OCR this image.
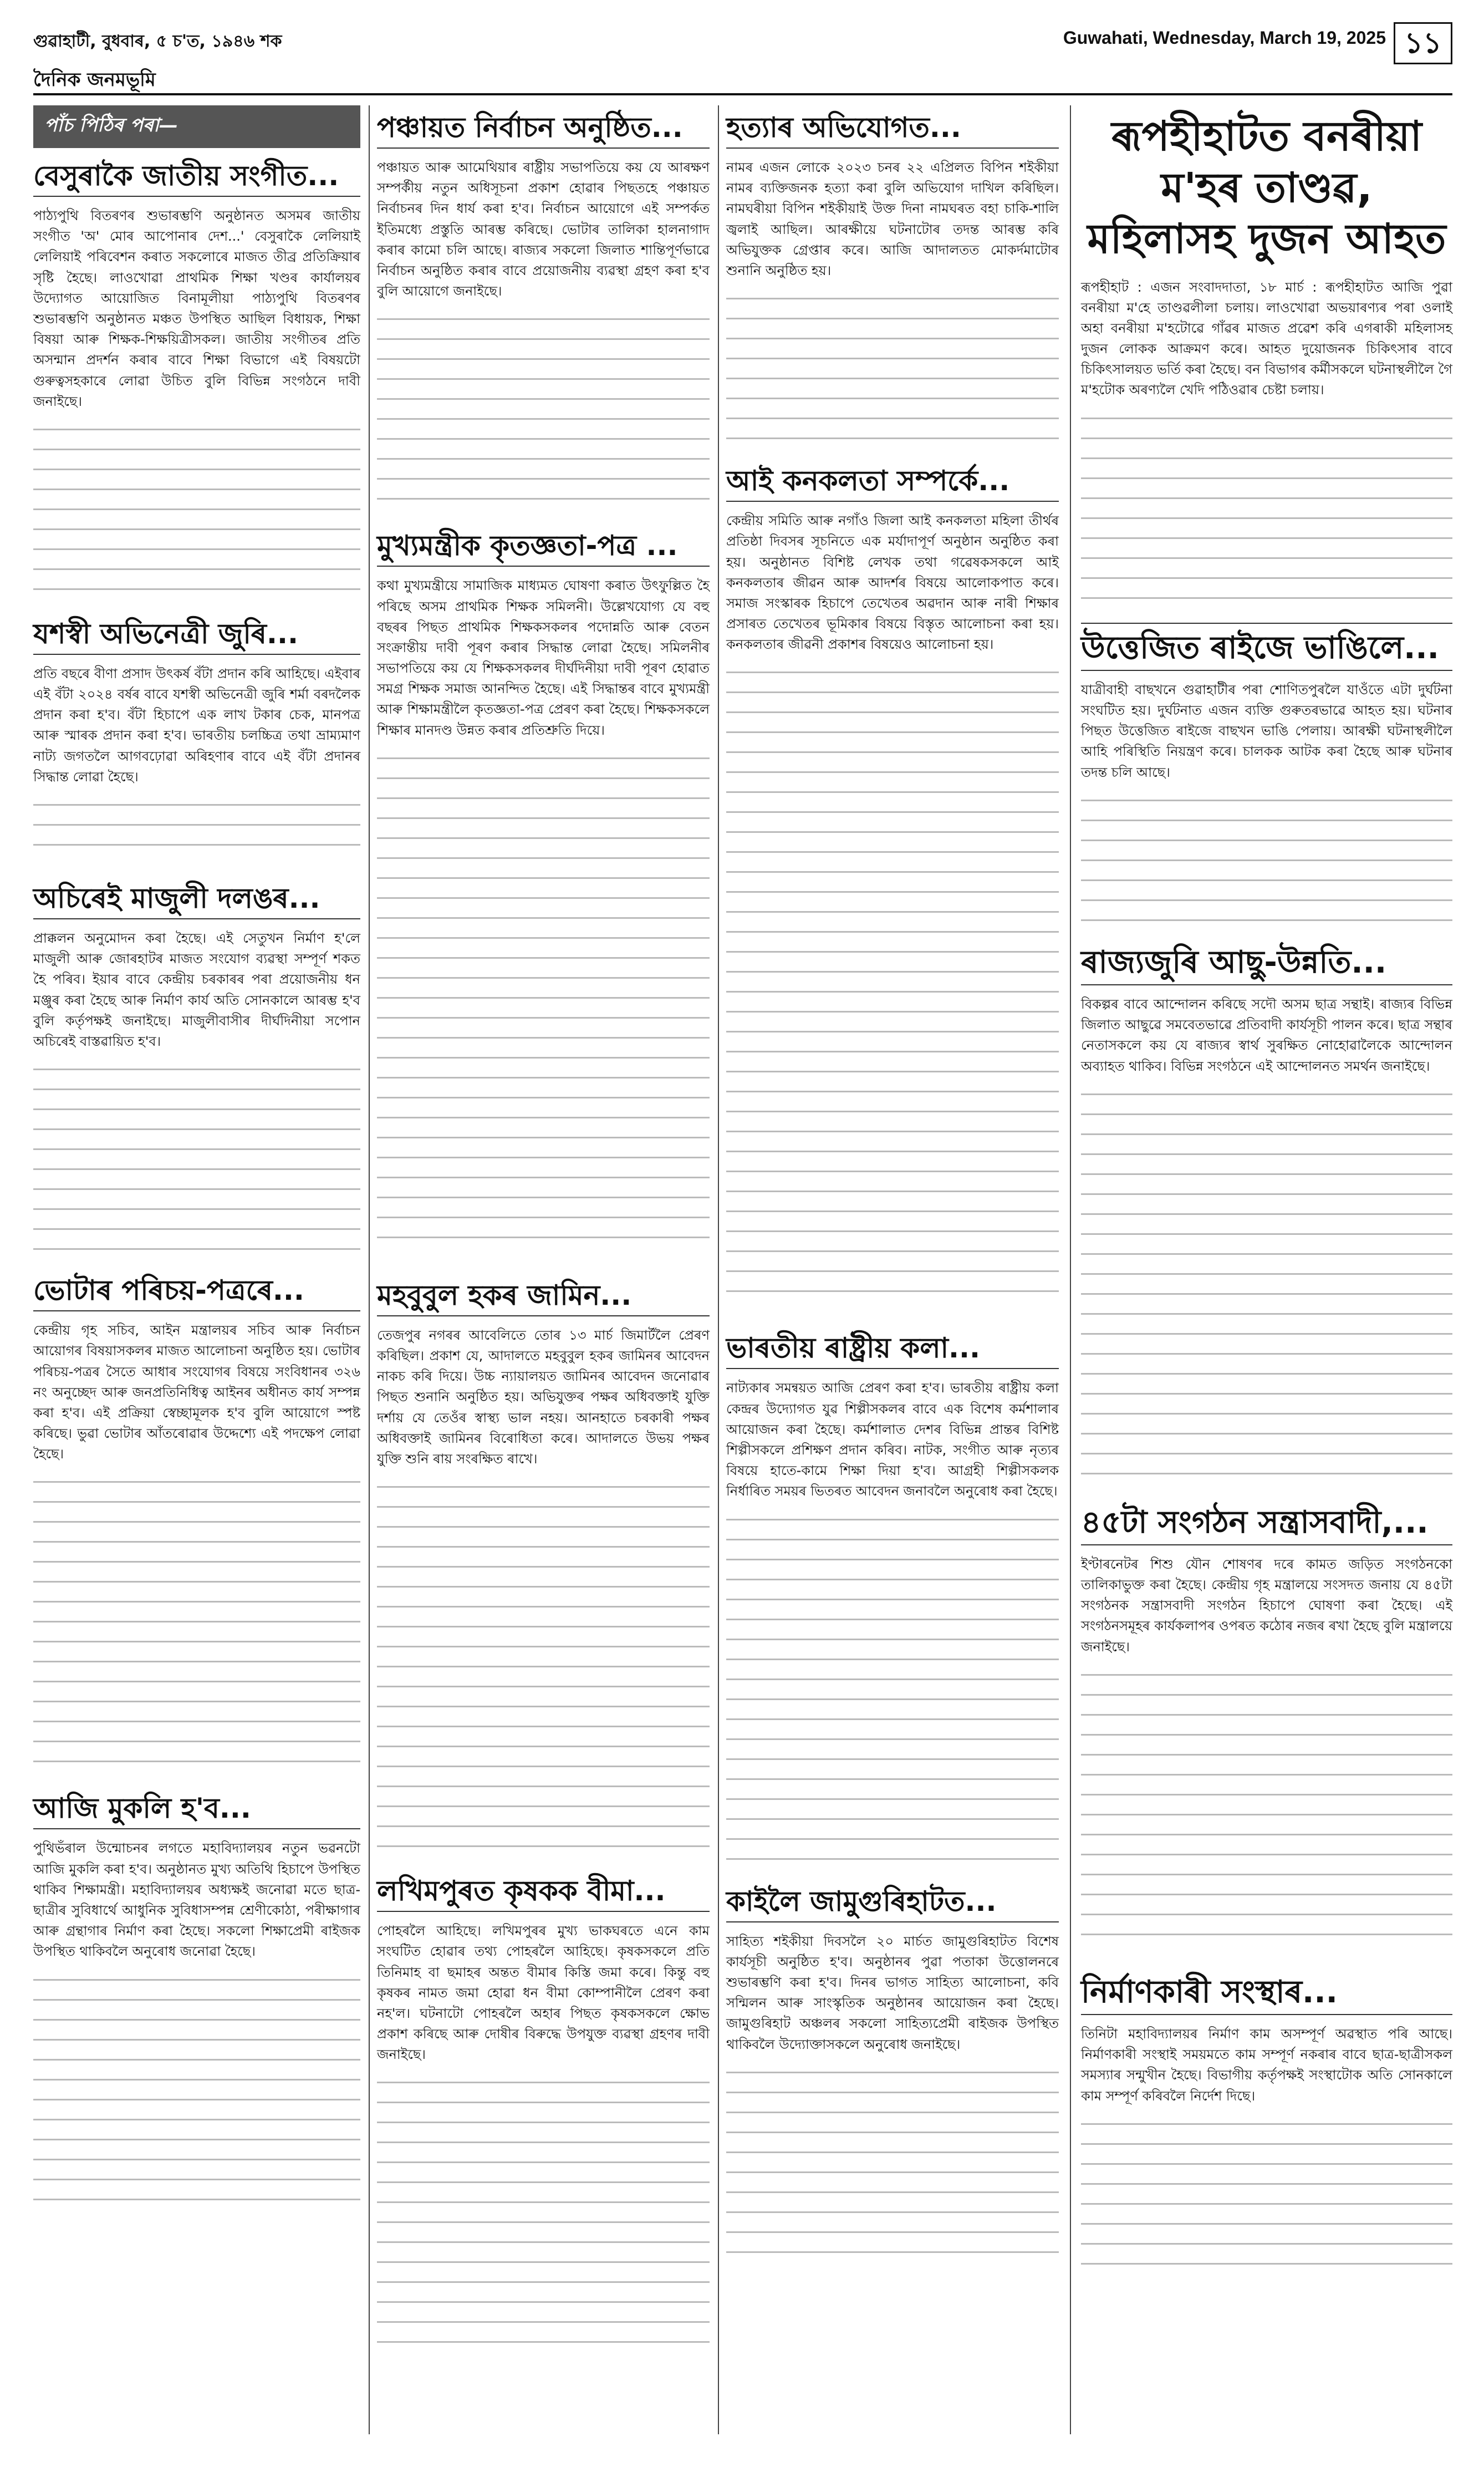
গুৱাহাটী, বুধবাৰ, ৫ চ'ত, ১৯৪৬ শক	Guwahati, Wednesday, March 19, 2025 ১১
দৈনিক জনমভূমি
পাঁচ পিঠিৰ পৰা—
বেসুৰাকৈ জাতীয় সংগীত...
পাঠ্যপুথি বিতৰণৰ শুভাৰম্ভণি অনুষ্ঠানত অসমৰ জাতীয় সংগীত 'অ' মোৰ আপোনাৰ দেশ...' বেসুৰাকৈ লেলিয়াই লেলিয়াই পৰিবেশন কৰাত সকলোৰে মাজত তীব্ৰ প্ৰতিক্ৰিয়াৰ সৃষ্টি হৈছে। লাওখোৱা প্ৰাথমিক শিক্ষা খণ্ডৰ কাৰ্যালয়ৰ উদ্যোগত আয়োজিত বিনামূলীয়া পাঠ্যপুথি বিতৰণৰ শুভাৰম্ভণি অনুষ্ঠানত মঞ্চত উপস্থিত আছিল বিধায়ক, শিক্ষা বিষয়া আৰু শিক্ষক-শিক্ষয়িত্ৰীসকল। জাতীয় সংগীতৰ প্ৰতি অসন্মান প্ৰদৰ্শন কৰাৰ বাবে শিক্ষা বিভাগে এই বিষয়টো গুৰুত্বসহকাৰে লোৱা উচিত বুলি বিভিন্ন সংগঠনে দাবী জনাইছে।
যশস্বী অভিনেত্ৰী জুৰি...
প্ৰতি বছৰে বীণা প্ৰসাদ উৎকৰ্ষ বঁটা প্ৰদান কৰি আহিছে। এইবাৰ এই বঁটা ২০২৪ বৰ্ষৰ বাবে যশস্বী অভিনেত্ৰী জুৰি শৰ্মা বৰদলৈক প্ৰদান কৰা হ'ব। বঁটা হিচাপে এক লাখ টকাৰ চেক, মানপত্ৰ আৰু স্মাৰক প্ৰদান কৰা হ'ব। ভাৰতীয় চলচ্চিত্ৰ তথা ভ্ৰাম্যমাণ নাট্য জগতলৈ আগবঢ়োৱা অৰিহণাৰ বাবে এই বঁটা প্ৰদানৰ সিদ্ধান্ত লোৱা হৈছে।
অচিৰেই মাজুলী দলঙৰ...
প্ৰাক্কলন অনুমোদন কৰা হৈছে। এই সেতুখন নিৰ্মাণ হ'লে মাজুলী আৰু জোৰহাটৰ মাজত সংযোগ ব্যৱস্থা সম্পূৰ্ণ শকত হৈ পৰিব। ইয়াৰ বাবে কেন্দ্ৰীয় চৰকাৰৰ পৰা প্ৰয়োজনীয় ধন মঞ্জুৰ কৰা হৈছে আৰু নিৰ্মাণ কাৰ্য অতি সোনকালে আৰম্ভ হ'ব বুলি কৰ্তৃপক্ষই জনাইছে। মাজুলীবাসীৰ দীৰ্ঘদিনীয়া সপোন অচিৰেই বাস্তৱায়িত হ'ব।
ভোটাৰ পৰিচয়-পত্ৰৰে...
কেন্দ্ৰীয় গৃহ সচিব, আইন মন্ত্ৰালয়ৰ সচিব আৰু নিৰ্বাচন আয়োগৰ বিষয়াসকলৰ মাজত আলোচনা অনুষ্ঠিত হয়। ভোটাৰ পৰিচয়-পত্ৰৰ সৈতে আধাৰ সংযোগৰ বিষয়ে সংবিধানৰ ৩২৬ নং অনুচ্ছেদ আৰু জনপ্ৰতিনিধিত্ব আইনৰ অধীনত কাৰ্য সম্পন্ন কৰা হ'ব। এই প্ৰক্ৰিয়া স্বেচ্ছামূলক হ'ব বুলি আয়োগে স্পষ্ট কৰিছে। ভুৱা ভোটাৰ আঁতৰোৱাৰ উদ্দেশ্যে এই পদক্ষেপ লোৱা হৈছে।
আজি মুকলি হ'ব...
পুথিভঁৰাল উন্মোচনৰ লগতে মহাবিদ্যালয়ৰ নতুন ভৱনটো আজি মুকলি কৰা হ'ব। অনুষ্ঠানত মুখ্য অতিথি হিচাপে উপস্থিত থাকিব শিক্ষামন্ত্ৰী। মহাবিদ্যালয়ৰ অধ্যক্ষই জনোৱা মতে ছাত্ৰ-ছাত্ৰীৰ সুবিধাৰ্থে আধুনিক সুবিধাসম্পন্ন শ্ৰেণীকোঠা, পৰীক্ষাগাৰ আৰু গ্ৰন্থাগাৰ নিৰ্মাণ কৰা হৈছে। সকলো শিক্ষাপ্ৰেমী ৰাইজক উপস্থিত থাকিবলৈ অনুৰোধ জনোৱা হৈছে।
পঞ্চায়ত নিৰ্বাচন অনুষ্ঠিত...
পঞ্চায়ত আৰু আমেথিয়াৰ ৰাষ্ট্ৰীয় সভাপতিয়ে কয় যে আৰক্ষণ সম্পৰ্কীয় নতুন অধিসূচনা প্ৰকাশ হোৱাৰ পিছতহে পঞ্চায়ত নিৰ্বাচনৰ দিন ধাৰ্য কৰা হ'ব। নিৰ্বাচন আয়োগে এই সম্পৰ্কত ইতিমধ্যে প্ৰস্তুতি আৰম্ভ কৰিছে। ভোটাৰ তালিকা হালনাগাদ কৰাৰ কামো চলি আছে। ৰাজ্যৰ সকলো জিলাত শান্তিপূৰ্ণভাৱে নিৰ্বাচন অনুষ্ঠিত কৰাৰ বাবে প্ৰয়োজনীয় ব্যৱস্থা গ্ৰহণ কৰা হ'ব বুলি আয়োগে জনাইছে।
মুখ্যমন্ত্ৰীক কৃতজ্ঞতা-পত্ৰ ...
কথা মুখ্যমন্ত্ৰীয়ে সামাজিক মাধ্যমত ঘোষণা কৰাত উৎফুল্লিত হৈ পৰিছে অসম প্ৰাথমিক শিক্ষক সমিলনী। উল্লেখযোগ্য যে বহু বছৰৰ পিছত প্ৰাথমিক শিক্ষকসকলৰ পদোন্নতি আৰু বেতন সংক্ৰান্তীয় দাবী পূৰণ কৰাৰ সিদ্ধান্ত লোৱা হৈছে। সমিলনীৰ সভাপতিয়ে কয় যে শিক্ষকসকলৰ দীৰ্ঘদিনীয়া দাবী পূৰণ হোৱাত সমগ্ৰ শিক্ষক সমাজ আনন্দিত হৈছে। এই সিদ্ধান্তৰ বাবে মুখ্যমন্ত্ৰী আৰু শিক্ষামন্ত্ৰীলৈ কৃতজ্ঞতা-পত্ৰ প্ৰেৰণ কৰা হৈছে। শিক্ষকসকলে শিক্ষাৰ মানদণ্ড উন্নত কৰাৰ প্ৰতিশ্ৰুতি দিয়ে।
মহবুবুল হকৰ জামিন...
তেজপুৰ নগৰৰ আবেলিতে তোৰ ১৩ মাৰ্চ জিমাৰ্টলৈ প্ৰেৰণ কৰিছিল। প্ৰকাশ যে, আদালতে মহবুবুল হকৰ জামিনৰ আবেদন নাকচ কৰি দিয়ে। উচ্চ ন্যায়ালয়ত জামিনৰ আবেদন জনোৱাৰ পিছত শুনানি অনুষ্ঠিত হয়। অভিযুক্তৰ পক্ষৰ অধিবক্তাই যুক্তি দৰ্শায় যে তেওঁৰ স্বাস্থ্য ভাল নহয়। আনহাতে চৰকাৰী পক্ষৰ অধিবক্তাই জামিনৰ বিৰোধিতা কৰে। আদালতে উভয় পক্ষৰ যুক্তি শুনি ৰায় সংৰক্ষিত ৰাখে।
লখিমপুৰত কৃষকক বীমা...
পোহৰলৈ আহিছে। লখিমপুৰৰ মুখ্য ভাকঘৰতে এনে কাম সংঘটিত হোৱাৰ তথ্য পোহৰলৈ আহিছে। কৃষকসকলে প্ৰতি তিনিমাহ বা ছমাহৰ অন্তত বীমাৰ কিস্তি জমা কৰে। কিন্তু বহু কৃষকৰ নামত জমা হোৱা ধন বীমা কোম্পানীলৈ প্ৰেৰণ কৰা নহ'ল। ঘটনাটো পোহৰলৈ অহাৰ পিছত কৃষকসকলে ক্ষোভ প্ৰকাশ কৰিছে আৰু দোষীৰ বিৰুদ্ধে উপযুক্ত ব্যৱস্থা গ্ৰহণৰ দাবী জনাইছে।
হত্যাৰ অভিযোগত...
নামৰ এজন লোকে ২০২৩ চনৰ ২২ এপ্ৰিলত বিপিন শইকীয়া নামৰ ব্যক্তিজনক হত্যা কৰা বুলি অভিযোগ দাখিল কৰিছিল। নামঘৰীয়া বিপিন শইকীয়াই উক্ত দিনা নামঘৰত বহা চাকি-শালি জ্বলাই আছিল। আৰক্ষীয়ে ঘটনাটোৰ তদন্ত আৰম্ভ কৰি অভিযুক্তক গ্ৰেপ্তাৰ কৰে। আজি আদালতত মোকৰ্দমাটোৰ শুনানি অনুষ্ঠিত হয়।
আই কনকলতা সম্পৰ্কে...
কেন্দ্ৰীয় সমিতি আৰু নগাঁও জিলা আই কনকলতা মহিলা তীৰ্থৰ প্ৰতিষ্ঠা দিবসৰ সূচনিতে এক মৰ্যাদাপূৰ্ণ অনুষ্ঠান অনুষ্ঠিত কৰা হয়। অনুষ্ঠানত বিশিষ্ট লেখক তথা গৱেষকসকলে আই কনকলতাৰ জীৱন আৰু আদৰ্শৰ বিষয়ে আলোকপাত কৰে। সমাজ সংস্কাৰক হিচাপে তেখেতৰ অৱদান আৰু নাৰী শিক্ষাৰ প্ৰসাৰত তেখেতৰ ভূমিকাৰ বিষয়ে বিস্তৃত আলোচনা কৰা হয়। কনকলতাৰ জীৱনী প্ৰকাশৰ বিষয়েও আলোচনা হয়।
ভাৰতীয় ৰাষ্ট্ৰীয় কলা...
নাট্যকাৰ সমন্বয়ত আজি প্ৰেৰণ কৰা হ'ব। ভাৰতীয় ৰাষ্ট্ৰীয় কলা কেন্দ্ৰৰ উদ্যোগত যুৱ শিল্পীসকলৰ বাবে এক বিশেষ কৰ্মশালাৰ আয়োজন কৰা হৈছে। কৰ্মশালাত দেশৰ বিভিন্ন প্ৰান্তৰ বিশিষ্ট শিল্পীসকলে প্ৰশিক্ষণ প্ৰদান কৰিব। নাটক, সংগীত আৰু নৃত্যৰ বিষয়ে হাতে-কামে শিক্ষা দিয়া হ'ব। আগ্ৰহী শিল্পীসকলক নিৰ্ধাৰিত সময়ৰ ভিতৰত আবেদন জনাবলৈ অনুৰোধ কৰা হৈছে।
কাইলৈ জামুগুৰিহাটত...
সাহিত্য শইকীয়া দিবসলৈ ২০ মাৰ্চত জামুগুৰিহাটত বিশেষ কাৰ্যসূচী অনুষ্ঠিত হ'ব। অনুষ্ঠানৰ পুৱা পতাকা উত্তোলনৰে শুভাৰম্ভণি কৰা হ'ব। দিনৰ ভাগত সাহিত্য আলোচনা, কবি সন্মিলন আৰু সাংস্কৃতিক অনুষ্ঠানৰ আয়োজন কৰা হৈছে। জামুগুৰিহাট অঞ্চলৰ সকলো সাহিত্যপ্ৰেমী ৰাইজক উপস্থিত থাকিবলৈ উদ্যোক্তাসকলে অনুৰোধ জনাইছে।
ৰূপহীহাটত বনৰীয়া ম'হৰ তাণ্ডৱ, মহিলাসহ দুজন আহত
ৰূপহীহাট : এজন সংবাদদাতা, ১৮ মাৰ্চ : ৰূপহীহাটত আজি পুৱা বনৰীয়া ম'হে তাণ্ডৱলীলা চলায়। লাওখোৱা অভয়াৰণ্যৰ পৰা ওলাই অহা বনৰীয়া ম'হটোৱে গাঁৱৰ মাজত প্ৰৱেশ কৰি এগৰাকী মহিলাসহ দুজন লোকক আক্ৰমণ কৰে। আহত দুয়োজনক চিকিৎসাৰ বাবে চিকিৎসালয়ত ভৰ্তি কৰা হৈছে। বন বিভাগৰ কৰ্মীসকলে ঘটনাস্থলীলৈ গৈ ম'হটোক অৰণ্যলৈ খেদি পঠিওৱাৰ চেষ্টা চলায়।
উত্তেজিত ৰাইজে ভাঙিলে...
যাত্ৰীবাহী বাছখনে গুৱাহাটীৰ পৰা শোণিতপুৰলৈ যাওঁতে এটা দুৰ্ঘটনা সংঘটিত হয়। দুৰ্ঘটনাত এজন ব্যক্তি গুৰুতৰভাৱে আহত হয়। ঘটনাৰ পিছত উত্তেজিত ৰাইজে বাছখন ভাঙি পেলায়। আৰক্ষী ঘটনাস্থলীলৈ আহি পৰিস্থিতি নিয়ন্ত্ৰণ কৰে। চালকক আটক কৰা হৈছে আৰু ঘটনাৰ তদন্ত চলি আছে।
ৰাজ্যজুৰি আছু-উন্নতি...
বিকল্পৰ বাবে আন্দোলন কৰিছে সদৌ অসম ছাত্ৰ সন্থাই। ৰাজ্যৰ বিভিন্ন জিলাত আছুৱে সমবেতভাৱে প্ৰতিবাদী কাৰ্যসূচী পালন কৰে। ছাত্ৰ সন্থাৰ নেতাসকলে কয় যে ৰাজ্যৰ স্বাৰ্থ সুৰক্ষিত নোহোৱালৈকে আন্দোলন অব্যাহত থাকিব। বিভিন্ন সংগঠনে এই আন্দোলনত সমৰ্থন জনাইছে।
৪৫টা সংগঠন সন্ত্ৰাসবাদী,...
ইণ্টাৰনেটৰ শিশু যৌন শোষণৰ দৰে কামত জড়িত সংগঠনকো তালিকাভুক্ত কৰা হৈছে। কেন্দ্ৰীয় গৃহ মন্ত্ৰালয়ে সংসদত জনায় যে ৪৫টা সংগঠনক সন্ত্ৰাসবাদী সংগঠন হিচাপে ঘোষণা কৰা হৈছে। এই সংগঠনসমূহৰ কাৰ্যকলাপৰ ওপৰত কঠোৰ নজৰ ৰখা হৈছে বুলি মন্ত্ৰালয়ে জনাইছে।
নিৰ্মাণকাৰী সংস্থাৰ...
তিনিটা মহাবিদ্যালয়ৰ নিৰ্মাণ কাম অসম্পূৰ্ণ অৱস্থাত পৰি আছে। নিৰ্মাণকাৰী সংস্থাই সময়মতে কাম সম্পূৰ্ণ নকৰাৰ বাবে ছাত্ৰ-ছাত্ৰীসকল সমস্যাৰ সন্মুখীন হৈছে। বিভাগীয় কৰ্তৃপক্ষই সংস্থাটোক অতি সোনকালে কাম সম্পূৰ্ণ কৰিবলৈ নিৰ্দেশ দিছে।
